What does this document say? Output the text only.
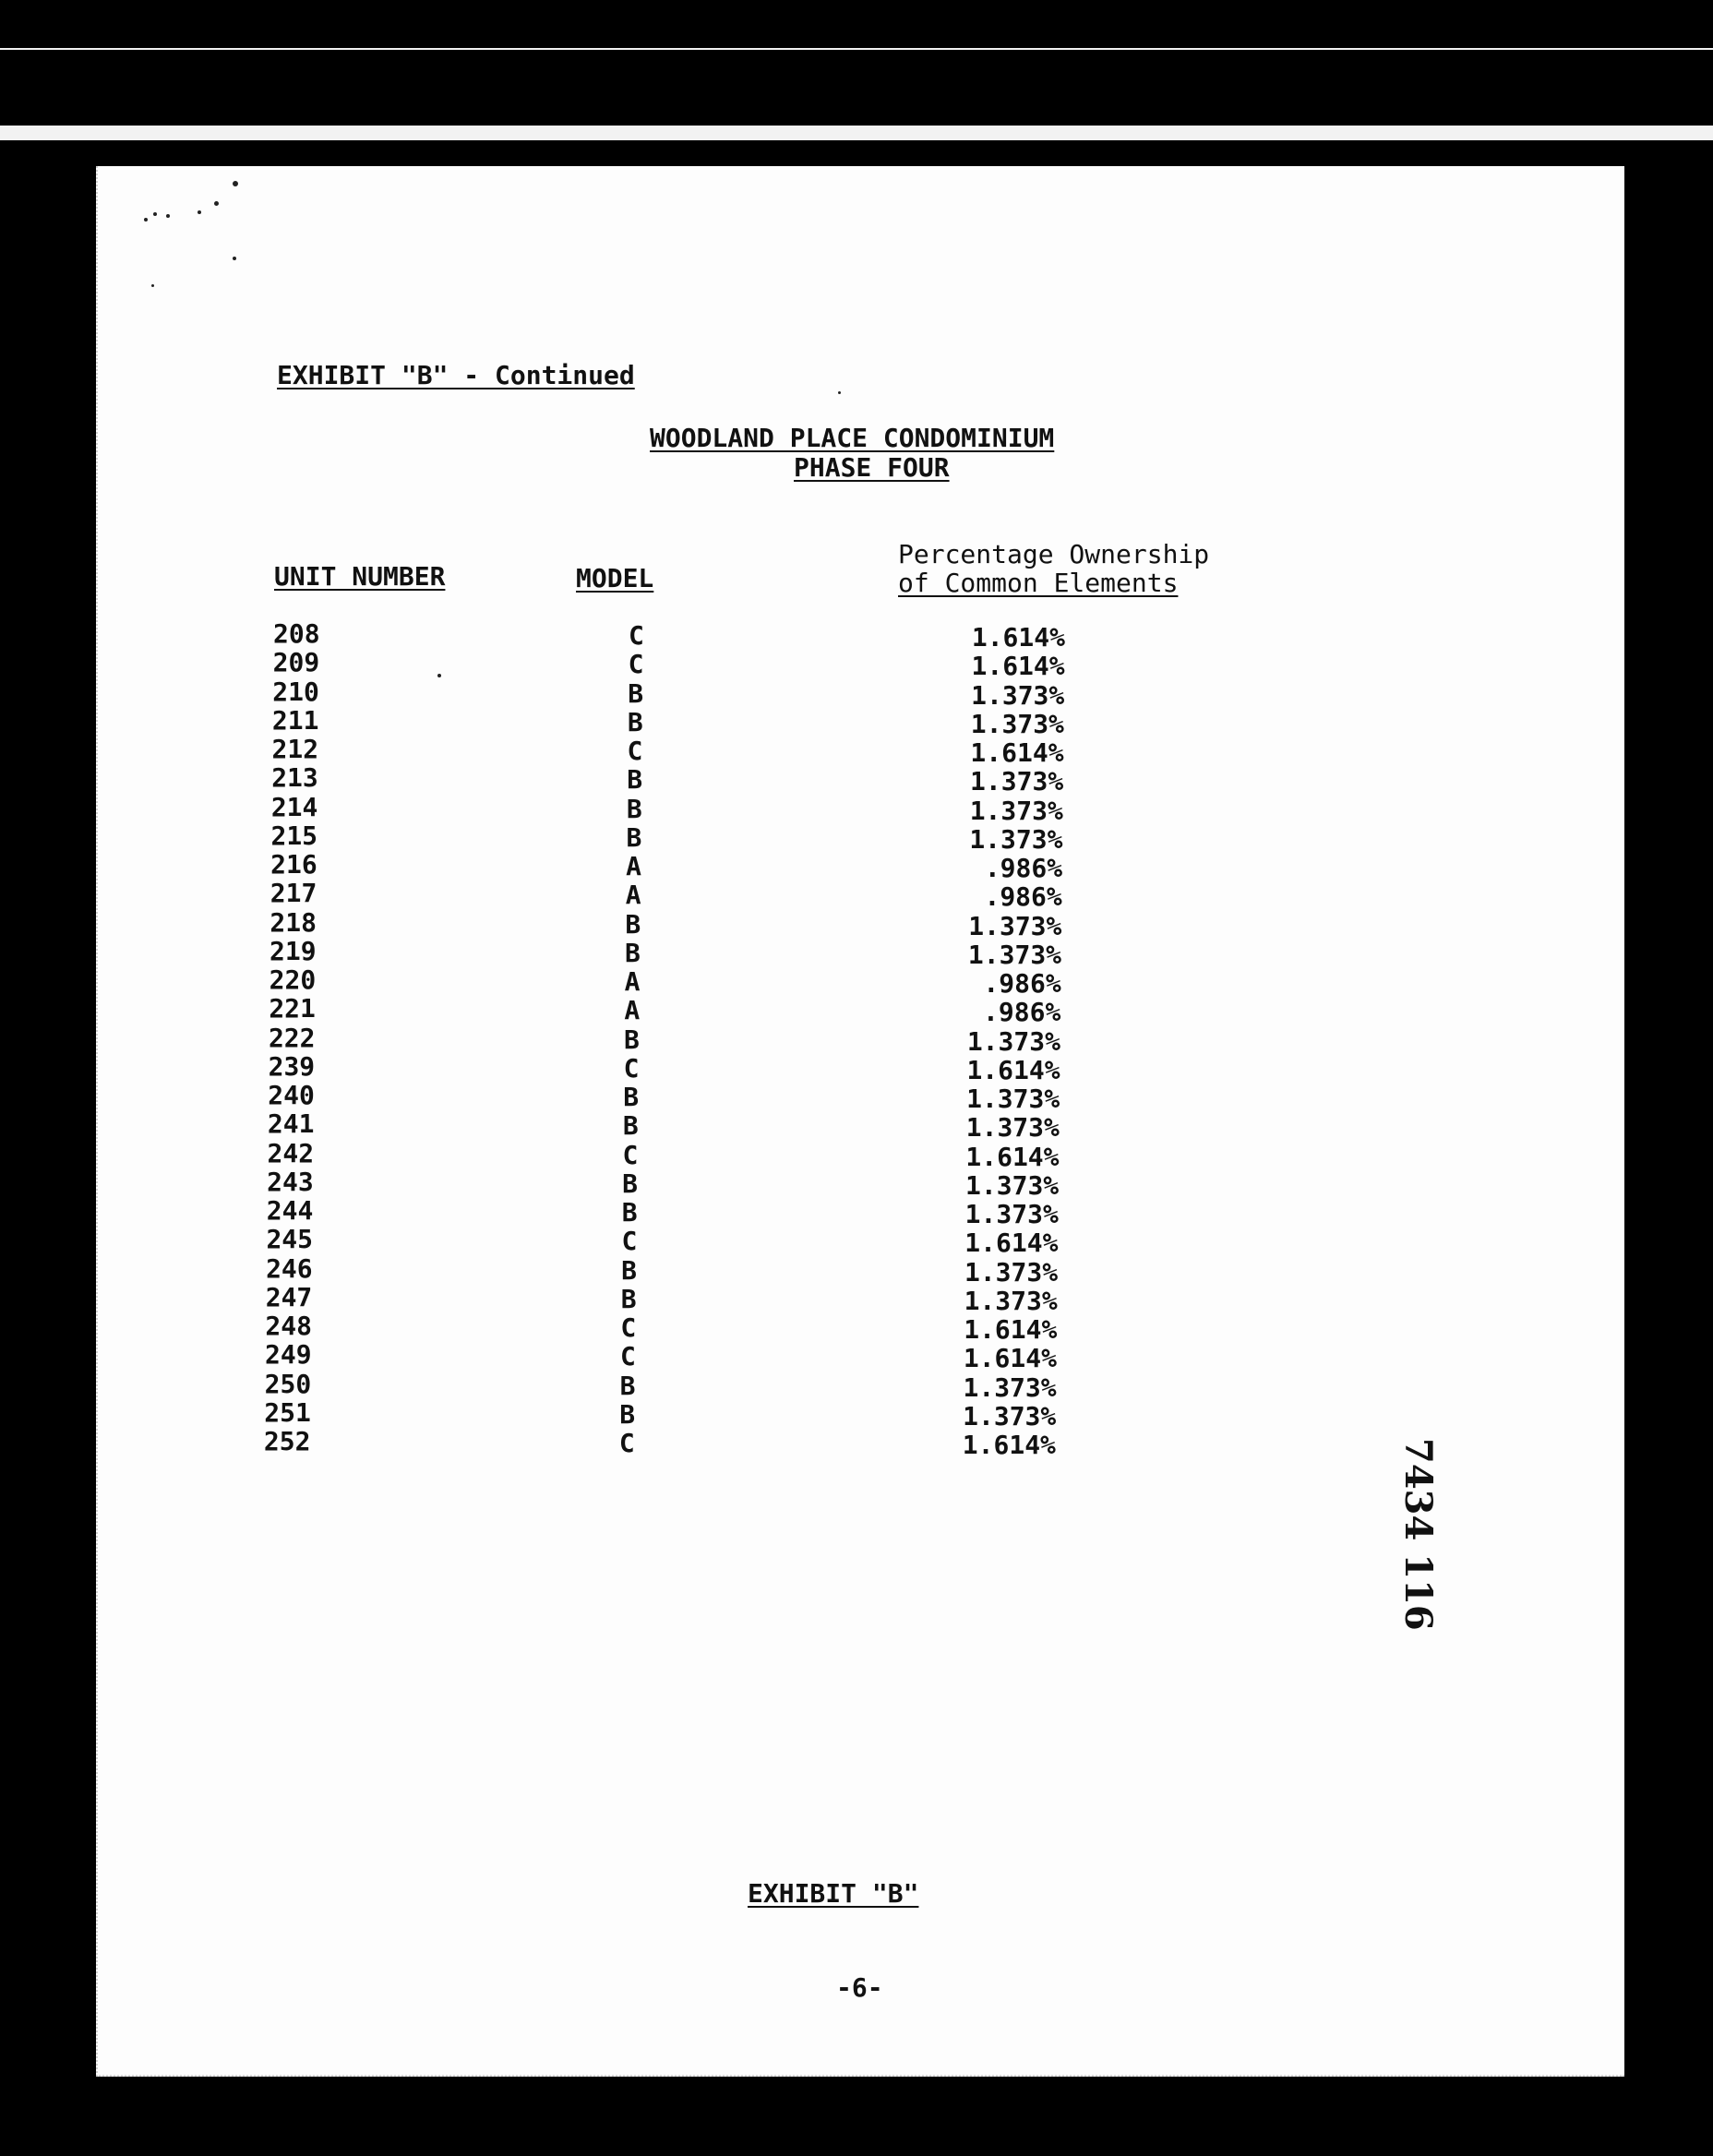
EXHIBIT "B" - Continued
WOODLAND PLACE CONDOMINIUM
PHASE FOUR
UNIT NUMBER	MODEL
Percentage Ownership
of Common Elements
208	C	1.614%
209	C	1.614%
210	B	1.373%
211	B	1.373%
212	C	1.614%
213	B	1.373%
214	B	1.373%
215	B	1.373%
216	A	.986%
217	A	.986%
218	B	1.373%
219	B	1.373%
220	A	.986%
221	A	.986%
222	B	1.373%
239	C	1.614%
240	B	1.373%
241	B	1.373%
242	C	1.614%
243	B	1.373%
244	B	1.373%
245	C	1.614%
246	B	1.373%
247	B	1.373%
248	C	1.614%
249	C	1.614%
250	B	1.373%
251	B	1.373%
252	C	1.614%	7434 116
EXHIBIT "B"
-6-
